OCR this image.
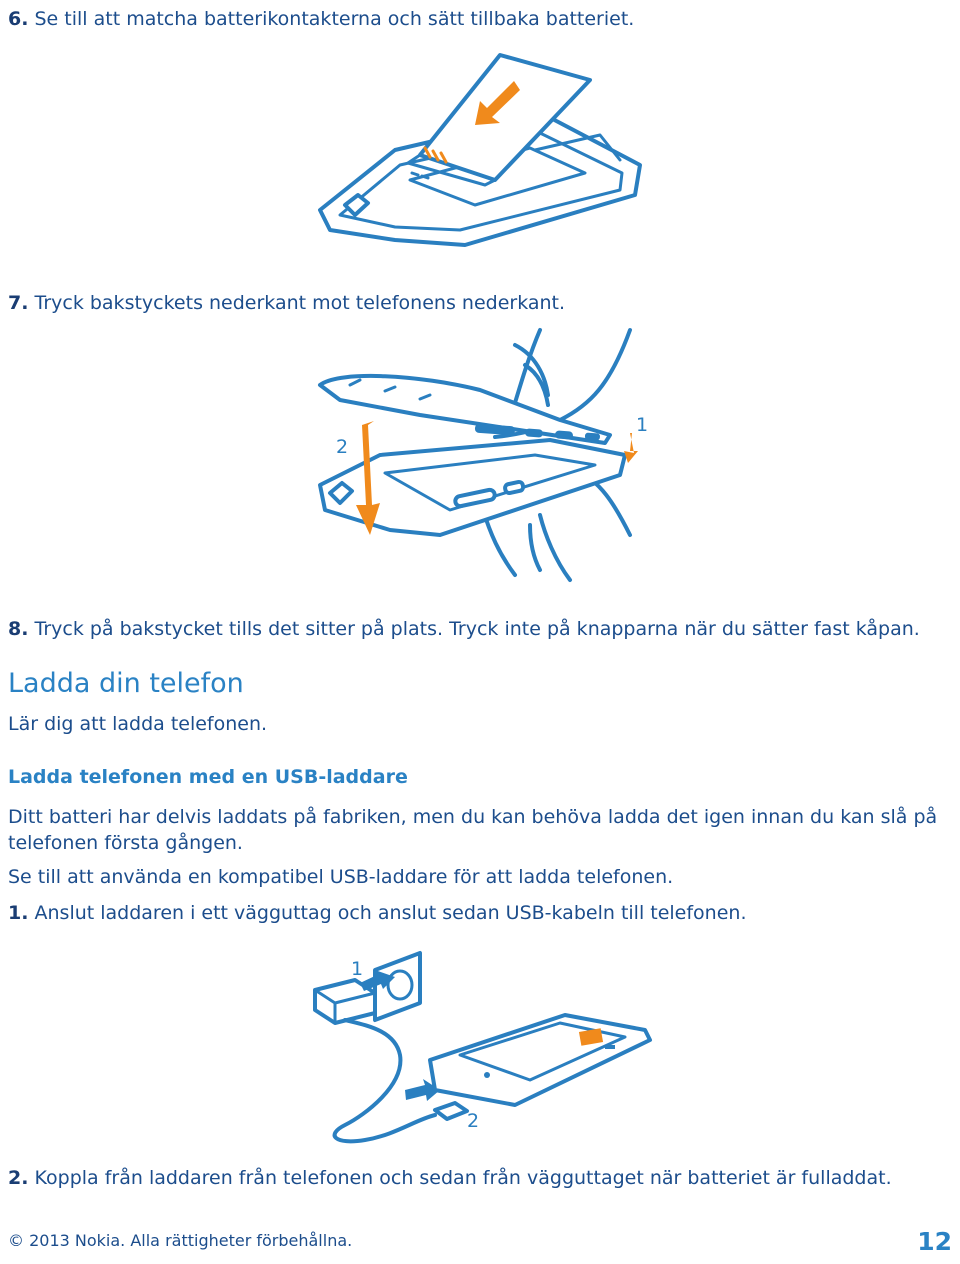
6. Se till att matcha batterikontakterna och sätt tillbaka batteriet.
7. Tryck bakstyckets nederkant mot telefonens nederkant.
2
1
8. Tryck på bakstycket tills det sitter på plats. Tryck inte på knapparna när du sätter fast kåpan.
Ladda din telefon
Lär dig att ladda telefonen.
Ladda telefonen med en USB-laddare
Ditt batteri har delvis laddats på fabriken, men du kan behöva ladda det igen innan du kan slå på telefonen första gången.
Se till att använda en kompatibel USB-laddare för att ladda telefonen.
1. Anslut laddaren i ett vägguttag och anslut sedan USB-kabeln till telefonen.
1
2
2. Koppla från laddaren från telefonen och sedan från vägguttaget när batteriet är fulladdat.
© 2013 Nokia. Alla rättigheter förbehållna.	12
